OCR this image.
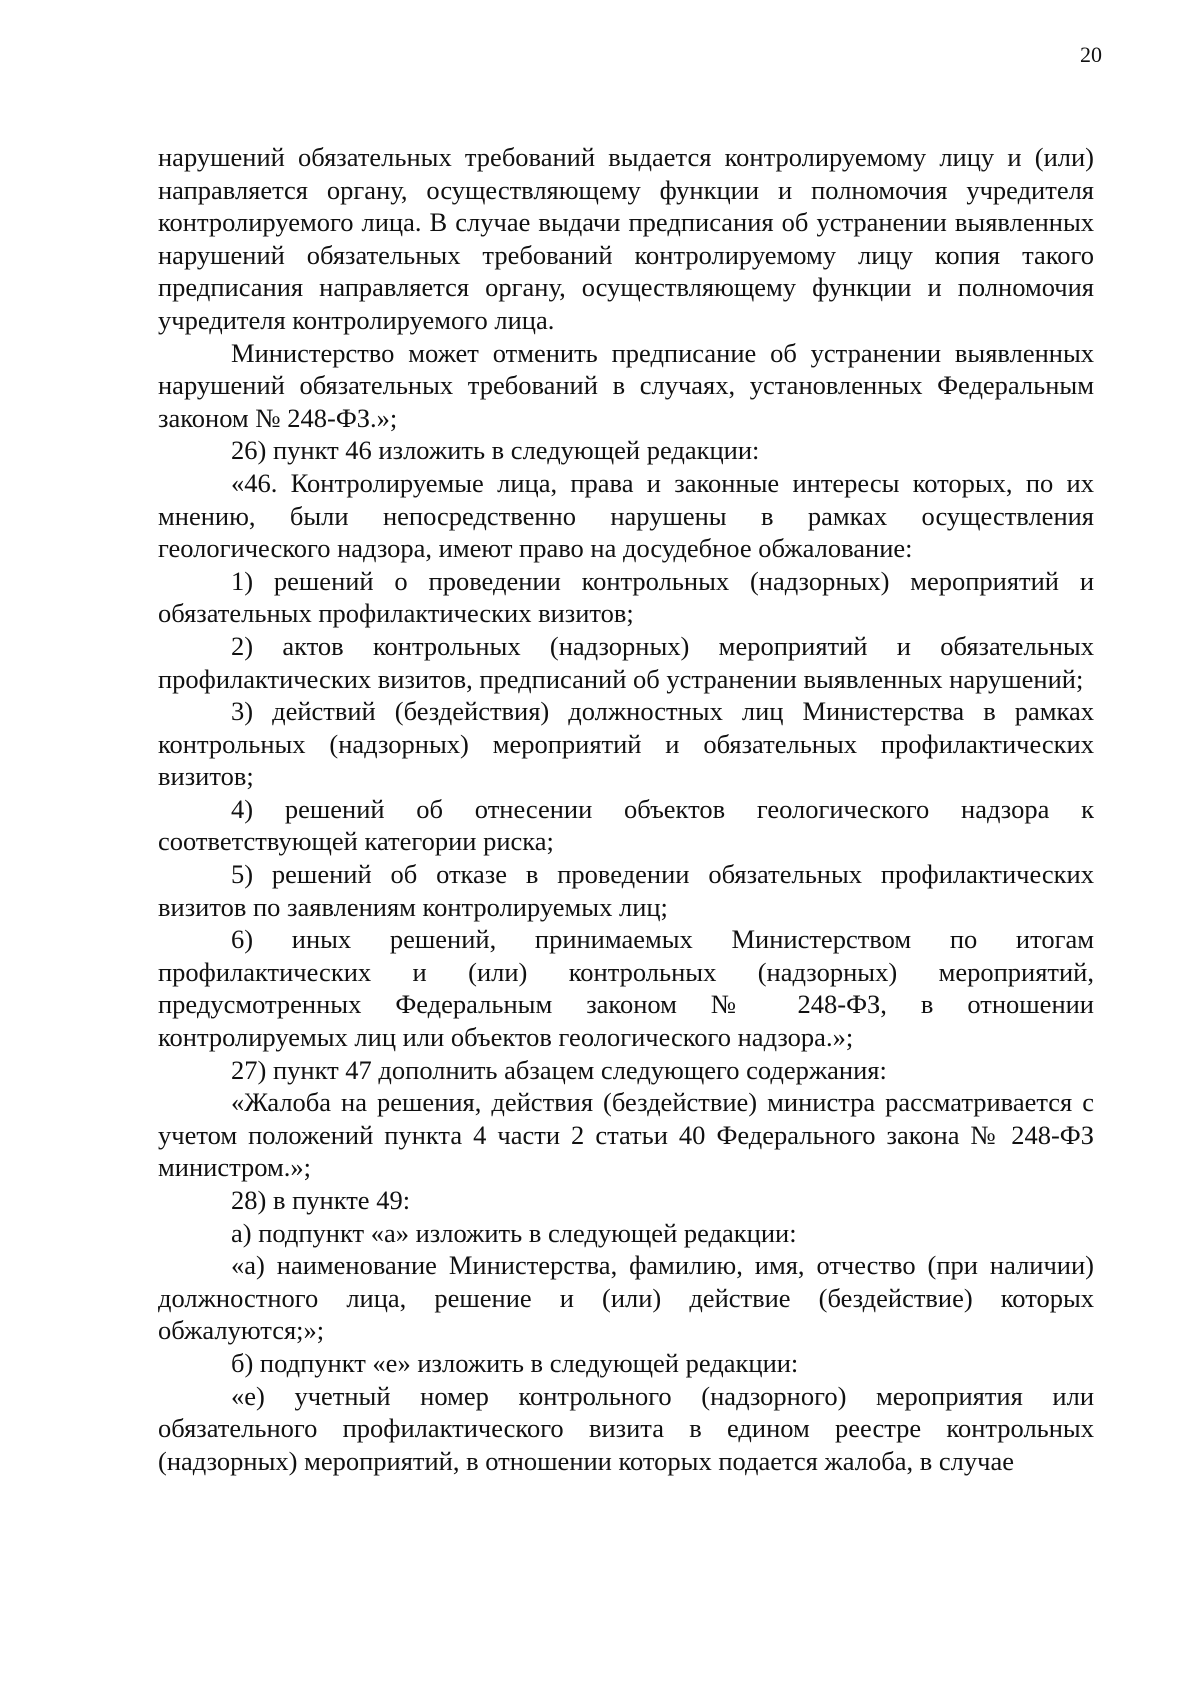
20

нарушений обязательных требований выдается контролируемому лицу и (или) направляется органу, осуществляющему функции и полномочия учредителя контролируемого лица. В случае выдачи предписания об устранении выявленных нарушений обязательных требований контролируемому лицу копия такого предписания направляется органу, осуществляющему функции и полномочия учредителя контролируемого лица.

Министерство может отменить предписание об устранении выявленных нарушений обязательных требований в случаях, установленных Федеральным законом № 248-ФЗ.»;

26) пункт 46 изложить в следующей редакции:

«46. Контролируемые лица, права и законные интересы которых, по их мнению, были непосредственно нарушены в рамках осуществления геологического надзора, имеют право на досудебное обжалование:

1) решений о проведении контрольных (надзорных) мероприятий и обязательных профилактических визитов;

2) актов контрольных (надзорных) мероприятий и обязательных профилактических визитов, предписаний об устранении выявленных нарушений;

3) действий (бездействия) должностных лиц Министерства в рамках контрольных (надзорных) мероприятий и обязательных профилактических визитов;

4) решений об отнесении объектов геологического надзора к соответствующей категории риска;

5) решений об отказе в проведении обязательных профилактических визитов по заявлениям контролируемых лиц;

6) иных решений, принимаемых Министерством по итогам профилактических и (или) контрольных (надзорных) мероприятий, предусмотренных Федеральным законом № 248-ФЗ, в отношении контролируемых лиц или объектов геологического надзора.»;

27) пункт 47 дополнить абзацем следующего содержания:

«Жалоба на решения, действия (бездействие) министра рассматривается с учетом положений пункта 4 части 2 статьи 40 Федерального закона № 248-ФЗ министром.»;

28) в пункте 49:

а) подпункт «а» изложить в следующей редакции:

«а) наименование Министерства, фамилию, имя, отчество (при наличии) должностного лица, решение и (или) действие (бездействие) которых обжалуются;»;

б) подпункт «е» изложить в следующей редакции:

«е) учетный номер контрольного (надзорного) мероприятия или обязательного профилактического визита в едином реестре контрольных (надзорных) мероприятий, в отношении которых подается жалоба, в случае
